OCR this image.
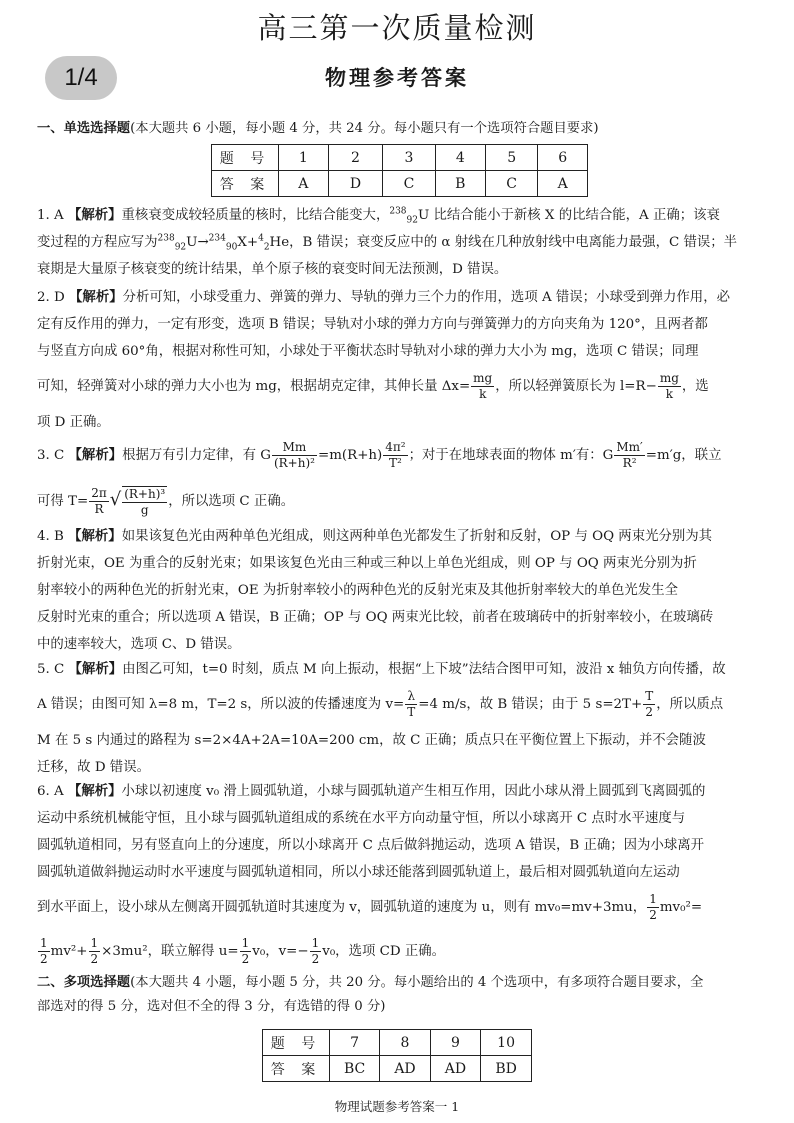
高三第一次质量检测
1/4	物理参考答案
一、单选选择题(本大题共 6 小题，每小题 4 分，共 24 分。每小题只有一个选项符合题目要求)
题 号	1	2	3	4	5	6
答 案	A	D	C	B	C	A
1. A 【解析】重核衰变成较轻质量的核时，比结合能变大，$^{238}_{92}$U 比结合能小于新核 X 的比结合能，A 正确；该衰
变过程的方程应写为$^{238}_{92}$U→$^{234}_{90}$X+$^4_2$He，B 错误；衰变反应中的 α 射线在几种放射线中电离能力最强，C 错误；半
衰期是大量原子核衰变的统计结果，单个原子核的衰变时间无法预测，D 错误。
2. D 【解析】分析可知，小球受重力、弹簧的弹力、导轨的弹力三个力的作用，选项 A 错误；小球受到弹力作用，必
定有反作用的弹力，一定有形变，选项 B 错误；导轨对小球的弹力方向与弹簧弹力的方向夹角为 120°，且两者都
与竖直方向成 60°角，根据对称性可知，小球处于平衡状态时导轨对小球的弹力大小为 mg，选项 C 错误；同理
可知，轻弹簧对小球的弹力大小也为 mg，根据胡克定律，其伸长量 $\Delta x= \frac{mg}{k}$ ，所以轻弹簧原长为 $l=R- \frac{mg}{k}$ ，选
项 D 正确。
3. C 【解析】根据万有引力定律，有 G $\frac{Mm}{\text{(R+h)²}} =m(R+h) \frac{\text{4π²}}{\text{T²}}$ ；对于在地球表面的物体 m′有：G $\frac{Mm'}{\text{R²}} =m'g$，联立
可得 $T= \frac{2\pi}{R}$ √ $\frac{\text{(R+h)³}}{g}$ ，所以选项 C 正确。
4. B 【解析】如果该复色光由两种单色光组成，则这两种单色光都发生了折射和反射，OP 与 OQ 两束光分别为其
折射光束，OE 为重合的反射光束；如果该复色光由三种或三种以上单色光组成，则 OP 与 OQ 两束光分别为折
射率较小的两种色光的折射光束，OE 为折射率较小的两种色光的反射光束及其他折射率较大的单色光发生全
反射时光束的重合；所以选项 A 错误，B 正确；OP 与 OQ 两束光比较，前者在玻璃砖中的折射率较小，在玻璃砖
中的速率较大，选项 C、D 错误。
5. C 【解析】由图乙可知，t=0 时刻，质点 M 向上振动，根据“上下坡”法结合图甲可知，波沿 x 轴负方向传播，故
A 错误；由图可知 λ=8 m，T=2 s，所以波的传播速度为 $v= \frac{\lambda}{T} =4$ m/s，故 B 错误；由于 5 $s=2T+ \frac{T}{2}$ ，所以质点
M 在 5 s 内通过的路程为 s=2×4A+2A=10A=200 cm，故 C 正确；质点只在平衡位置上下振动，并不会随波
迁移，故 D 错误。
6. A 【解析】小球以初速度 v₀ 滑上圆弧轨道，小球与圆弧轨道产生相互作用，因此小球从滑上圆弧到飞离圆弧的
运动中系统机械能守恒，且小球与圆弧轨道组成的系统在水平方向动量守恒，所以小球离开 C 点时水平速度与
圆弧轨道相同，另有竖直向上的分速度，所以小球离开 C 点后做斜抛运动，选项 A 错误，B 正确；因为小球离开
圆弧轨道做斜抛运动时水平速度与圆弧轨道相同，所以小球还能落到圆弧轨道上，最后相对圆弧轨道向左运动
到水平面上，设小球从左侧离开圆弧轨道时其速度为 v，圆弧轨道的速度为 u，则有 mv₀=mv+3mu， $\frac{1}{2} mv_0^2=$
$\frac{1}{2} mv^2+ \frac{1}{2} \times 3mu^2$，联立解得 $u= \frac{1}{2} v_0$，$v=- \frac{1}{2} v_0$，选项 CD 正确。
二、多项选择题(本大题共 4 小题，每小题 5 分，共 20 分。每小题给出的 4 个选项中，有多项符合题目要求，全
部选对的得 5 分，选对但不全的得 3 分，有选错的得 0 分)
题 号	7	8	9	10
答 案	BC	AD	AD	BD
物理试题参考答案一 1
